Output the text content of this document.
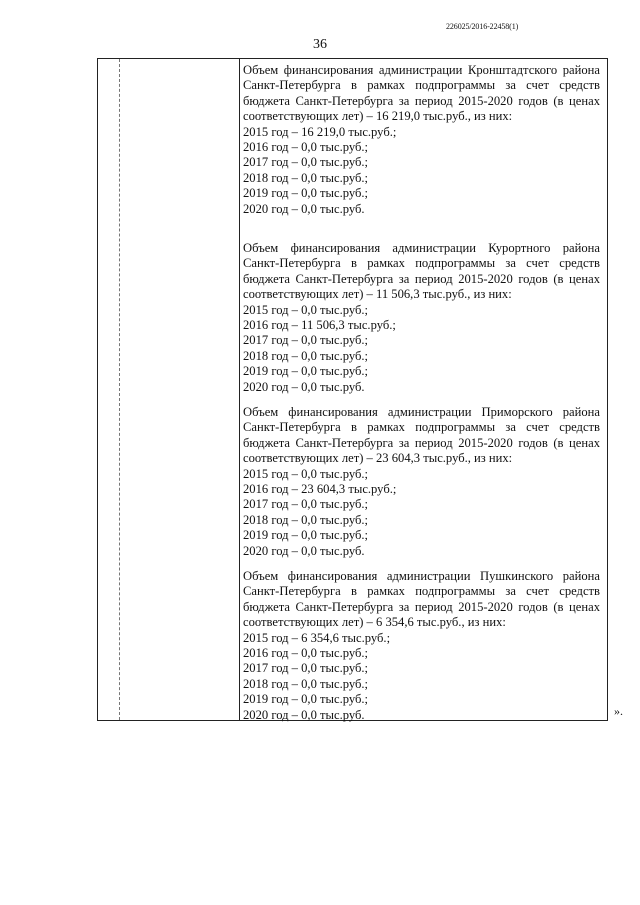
226025/2016-22458(1)
36
Объем финансирования администрации Кронштадтского района Санкт-Петербурга в рамках подпрограммы за счет средств бюджета Санкт-Петербурга за период 2015-2020 годов (в ценах соответствующих лет) – 16 219,0 тыс.руб., из них:
2015 год – 16 219,0 тыс.руб.;
2016 год – 0,0 тыс.руб.;
2017 год – 0,0 тыс.руб.;
2018 год – 0,0 тыс.руб.;
2019 год – 0,0 тыс.руб.;
2020 год – 0,0 тыс.руб.
Объем финансирования администрации Курортного района Санкт-Петербурга в рамках подпрограммы за счет средств бюджета Санкт-Петербурга за период 2015-2020 годов (в ценах соответствующих лет) – 11 506,3 тыс.руб., из них:
2015 год – 0,0 тыс.руб.;
2016 год – 11 506,3 тыс.руб.;
2017 год – 0,0 тыс.руб.;
2018 год – 0,0 тыс.руб.;
2019 год – 0,0 тыс.руб.;
2020 год – 0,0 тыс.руб.
Объем финансирования администрации Приморского района Санкт-Петербурга в рамках подпрограммы за счет средств бюджета Санкт-Петербурга за период 2015-2020 годов (в ценах соответствующих лет) – 23 604,3 тыс.руб., из них:
2015 год – 0,0 тыс.руб.;
2016 год – 23 604,3 тыс.руб.;
2017 год – 0,0 тыс.руб.;
2018 год – 0,0 тыс.руб.;
2019 год – 0,0 тыс.руб.;
2020 год – 0,0 тыс.руб.
Объем финансирования администрации Пушкинского района Санкт-Петербурга в рамках подпрограммы за счет средств бюджета Санкт-Петербурга за период 2015-2020 годов (в ценах соответствующих лет) – 6 354,6 тыс.руб., из них:
2015 год – 6 354,6 тыс.руб.;
2016 год – 0,0 тыс.руб.;
2017 год – 0,0 тыс.руб.;
2018 год – 0,0 тыс.руб.;
2019 год – 0,0 тыс.руб.;
2020 год – 0,0 тыс.руб.	».
